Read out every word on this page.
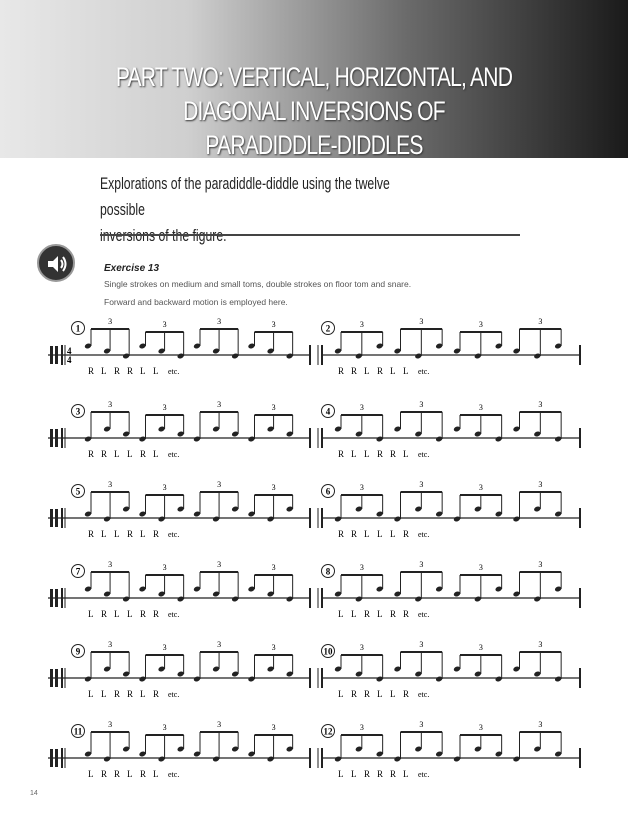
PART TWO: VERTICAL, HORIZONTAL, AND DIAGONAL INVERSIONS OF
PARADIDDLE-DIDDLES
Explorations of the paradiddle-diddle using the twelve possible
Exercise 13
Single strokes on medium and small toms, double strokes on floor tom and snare.
Forward and backward motion is employed here.
4
4
1
3	3	3	3
R L R R L L etc.
2	3	3	3	3
R R L R L L etc.
3
3	3	3	3
R R L L R L etc.
4	3	3	3	3
R L L R R L etc.
5
3	3	3	3
R L L R L R etc.
6	3	3	3	3
R R L L L R etc.
7
3	3	3	3
L R L L R R etc.
8	3	3	3	3
L L R L R R etc.
9
3	3	3	3
L L R R L R etc.
10	3	3	3	3
L R R L L R etc.
11
3	3	3	3
L R R L R L etc.
12	3	3	3	3
L L R R R L etc.
14
